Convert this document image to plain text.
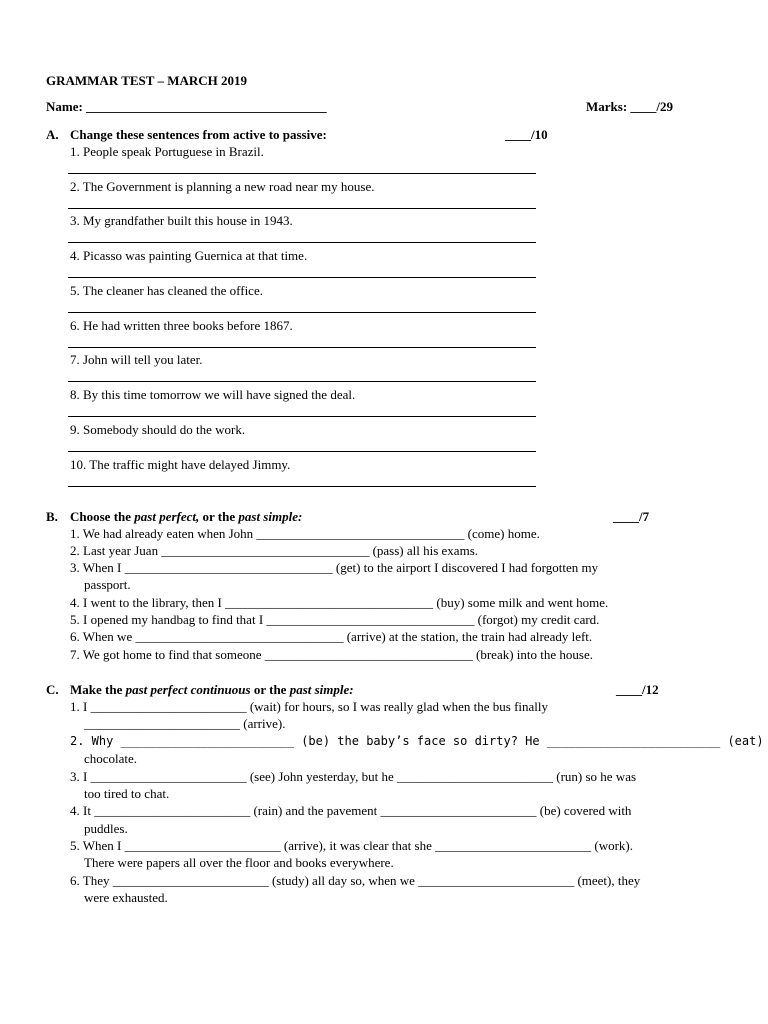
GRAMMAR TEST – MARCH 2019
Name: _____________________________________	Marks: ____/29
A. Change these sentences from active to passive:	____/10
1. People speak Portuguese in Brazil.
2. The Government is planning a new road near my house.
3. My grandfather built this house in 1943.
4. Picasso was painting Guernica at that time.
5. The cleaner has cleaned the office.
6. He had written three books before 1867.
7. John will tell you later.
8. By this time tomorrow we will have signed the deal.
9. Somebody should do the work.
10. The traffic might have delayed Jimmy.
B. Choose the past perfect, or the past simple:	____/7
1. We had already eaten when John ________________________________ (come) home.
2. Last year Juan ________________________________ (pass) all his exams.
3. When I ________________________________ (get) to the airport I discovered I had forgotten my
passport.
4. I went to the library, then I ________________________________ (buy) some milk and went home.
5. I opened my handbag to find that I ________________________________ (forgot) my credit card.
6. When we ________________________________ (arrive) at the station, the train had already left.
7. We got home to find that someone ________________________________ (break) into the house.
C. Make the past perfect continuous or the past simple:	____/12
1. I ________________________ (wait) for hours, so I was really glad when the bus finally
________________________ (arrive).
2. Why ________________________ (be) the baby’s face so dirty? He ________________________ (eat)
chocolate.
3. I ________________________ (see) John yesterday, but he ________________________ (run) so he was
too tired to chat.
4. It ________________________ (rain) and the pavement ________________________ (be) covered with
puddles.
5. When I ________________________ (arrive), it was clear that she ________________________ (work).
There were papers all over the floor and books everywhere.
6. They ________________________ (study) all day so, when we ________________________ (meet), they
were exhausted.
